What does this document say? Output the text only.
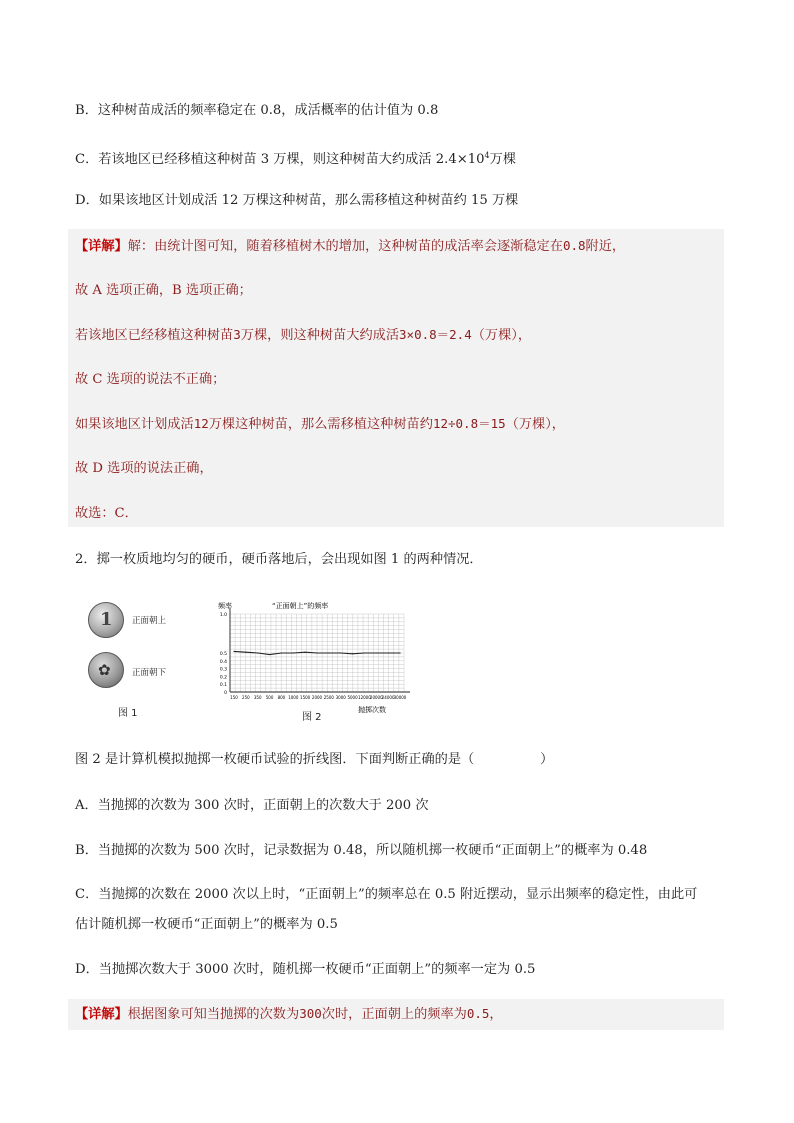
B．这种树苗成活的频率稳定在 0.8，成活概率的估计值为 0.8
C．若该地区已经移植这种树苗 3 万棵，则这种树苗大约成活 $2.4\times 10^4$万棵
D．如果该地区计划成活 12 万棵这种树苗，那么需移植这种树苗约 15 万棵
【详解】解：由统计图可知，随着移植树木的增加，这种树苗的成活率会逐渐稳定在0.8附近，
故 A 选项正确，B 选项正确；
若该地区已经移植这种树苗3万棵，则这种树苗大约成活3×0.8＝2.4（万棵），
故 C 选项的说法不正确；
如果该地区计划成活12万棵这种树苗，那么需移植这种树苗约12÷0.8＝15（万棵），
故 D 选项的说法正确，
故选：C．
2．掷一枚质地均匀的硬币，硬币落地后，会出现如图 1 的两种情况．
1 正面朝上
✿	正面朝下
图 1
频率	“正面朝上”的频率
抛掷次数
0.5
0.4
0.3
0.2
0.1
0
1.0
150 250 350 500 800 1000 1500 2000 2500 3000 5000 12000 20000 24000 30000
图 2
图 2 是计算机模拟抛掷一枚硬币试验的折线图．下面判断正确的是（　　　　　）
A．当抛掷的次数为 300 次时，正面朝上的次数大于 200 次
B．当抛掷的次数为 500 次时，记录数据为 0.48，所以随机掷一枚硬币“正面朝上”的概率为 0.48
C．当抛掷的次数在 2000 次以上时，“正面朝上”的频率总在 0.5 附近摆动，显示出频率的稳定性，由此可
估计随机掷一枚硬币“正面朝上”的概率为 0.5
D．当抛掷次数大于 3000 次时，随机掷一枚硬币“正面朝上”的频率一定为 0.5
【详解】根据图象可知当抛掷的次数为300次时，正面朝上的频率为0.5，
